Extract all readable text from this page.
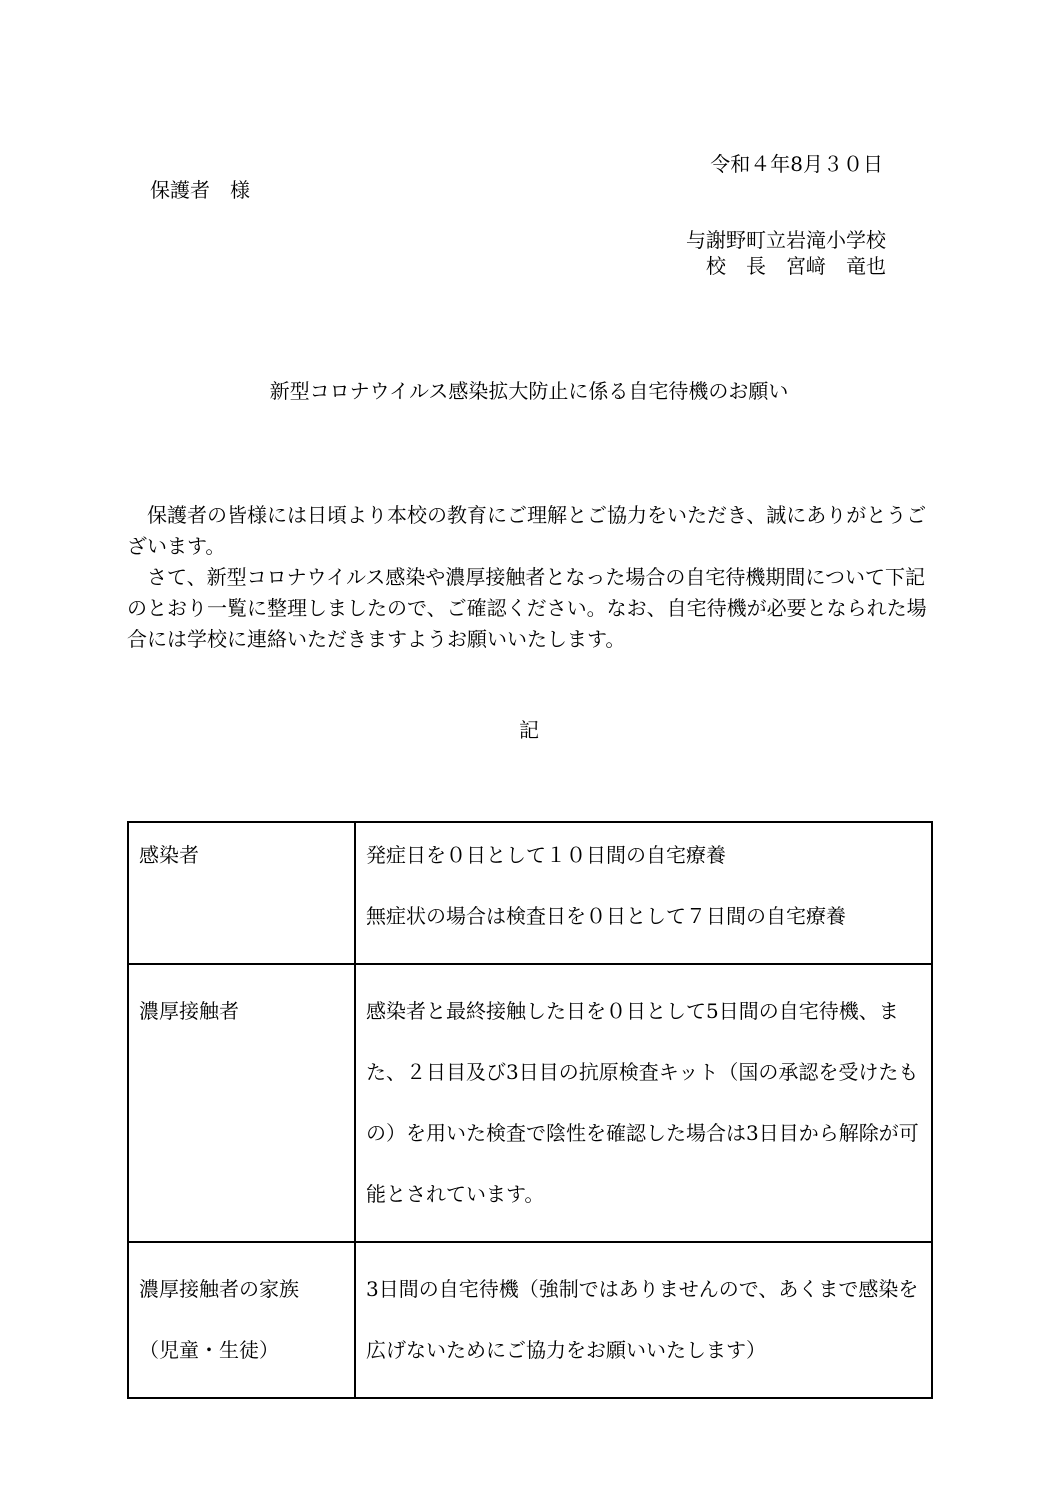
令和４年8月３０日
保護者　様
与謝野町立岩滝小学校
校　長　宮﨑　竜也
新型コロナウイルス感染拡大防止に係る自宅待機のお願い

保護者の皆様には日頃より本校の教育にご理解とご協力をいただき、誠にありがとうございます。

さて、新型コロナウイルス感染や濃厚接触者となった場合の自宅待機期間について下記のとおり一覧に整理しましたので、ご確認ください。なお、自宅待機が必要となられた場合には学校に連絡いただきますようお願いいたします。

記
感染者	発症日を０日として１０日間の自宅療養
無症状の場合は検査日を０日として７日間の自宅療養

濃厚接触者	感染者と最終接触した日を０日として5日間の自宅待機、また、２日目及び3日目の抗原検査キット（国の承認を受けたもの）を用いた検査で陰性を確認した場合は3日目から解除が可能とされています。

濃厚接触者の家族
（児童・生徒）	3日間の自宅待機（強制ではありませんので、あくまで感染を広げないためにご協力をお願いいたします）
